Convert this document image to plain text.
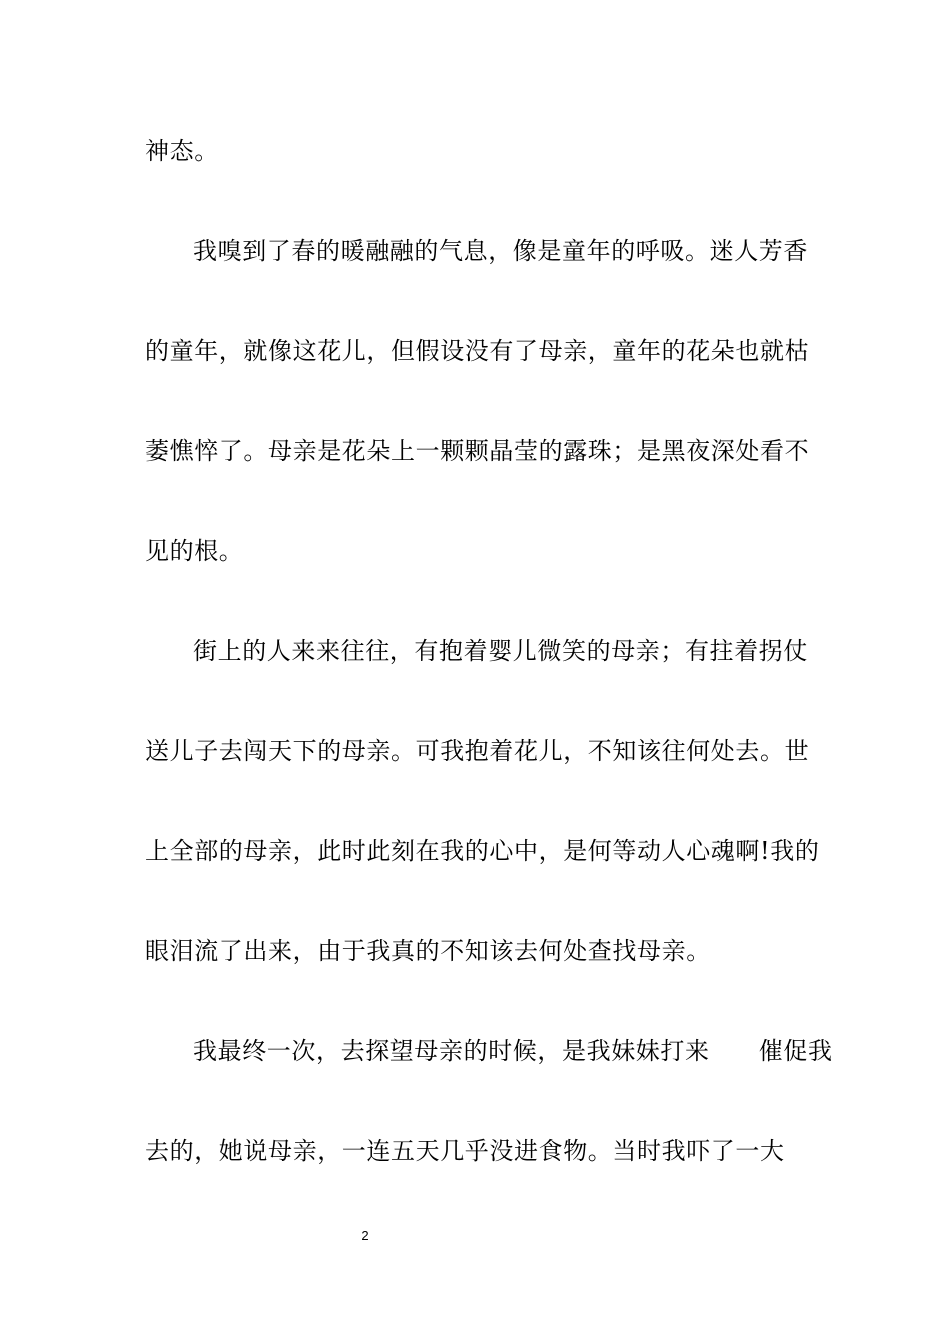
神态。
我嗅到了春的暖融融的气息，像是童年的呼吸。迷人芳香
的童年，就像这花儿，但假设没有了母亲，童年的花朵也就枯
萎憔悴了。母亲是花朵上一颗颗晶莹的露珠；是黑夜深处看不
见的根。
街上的人来来往往，有抱着婴儿微笑的母亲；有拄着拐仗
送儿子去闯天下的母亲。可我抱着花儿，不知该往何处去。世
上全部的母亲，此时此刻在我的心中，是何等动人心魂啊!我的
眼泪流了出来，由于我真的不知该去何处查找母亲。
我最终一次，去探望母亲的时候，是我妹妹打来　　催促我
去的，她说母亲，一连五天几乎没进食物。当时我吓了一大
2
